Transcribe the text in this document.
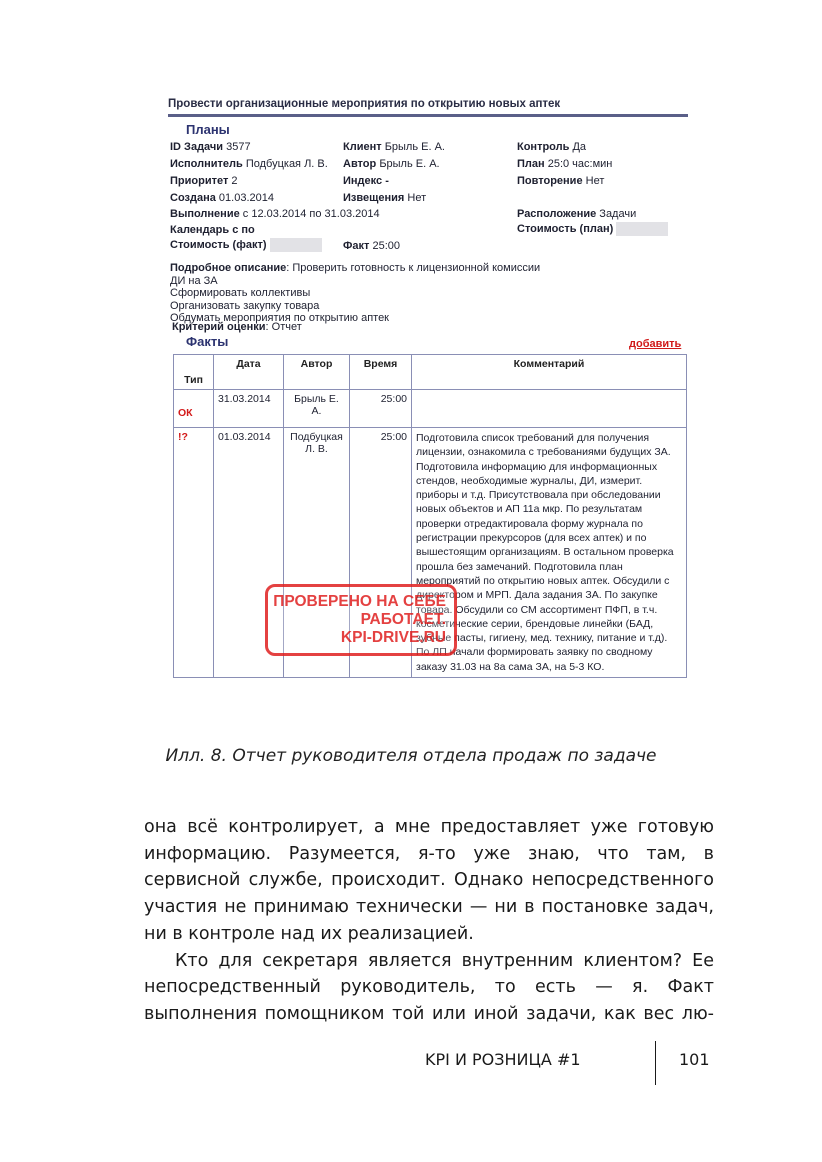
Провести организационные мероприятия по открытию новых аптек
Планы
ID Задачи 3577	Клиент Брыль Е. А.	Контроль Да
Исполнитель Подбуцкая Л. В. Автор Брыль Е. А.	План 25:0 час:мин
Приоритет 2	Индекс -	Повторение Нет
Создана 01.03.2014	Извещения Нет
Выполнение с 12.03.2014 по 31.03.2014	Расположение Задачи
Календарь с по	Стоимость (план)
Стоимость (факт)	Факт 25:00
Подробное описание: Проверить готовность к лицензионной комиссии
ДИ на ЗА
Сформировать коллективы
Организовать закупку товара
Обдумать мероприятия по открытию аптек
Критерий оценки: Отчет
Факты	добавить
Тип	Дата	Автор	Время	Комментарий

ОК	31.03.2014	Брыль Е. А.	25:00	
!?	01.03.2014	Подбуцкая Л. В.	25:00	Подготовила список требований для получения лицензии, ознакомила с требованиями будущих ЗА. Подготовила информацию для информационных стендов, необходимые журналы, ДИ, измерит. приборы и т.д. Присутствовала при обследовании новых объектов и АП 11а мкр. По результатам проверки отредактировала форму журнала по регистрации прекурсоров (для всех аптек) и по вышестоящим организациям. В остальном проверка прошла без замечаний. Подготовила план мероприятий по открытию новых аптек. Обсудили с директором и МРП. Дала задания ЗА. По закупке товара. Обсудили со СМ ассортимент ПФП, в т.ч. косметические серии, брендовые линейки (БАД, зубные пасты, гигиену, мед. технику, питание и т.д). По ЛП начали формировать заявку по сводному заказу 31.03 на 8а сама ЗА, на 5-3 КО.
ПРОВЕРЕНО НА СЕБЕ
РАБОТАЕТ.
KPI-DRIVE.RU
Илл. 8. Отчет руководителя отдела продаж по задаче

она всё контролирует, а мне предоставляет уже готовую информацию. Разумеется, я-то уже знаю, что там, в сервисной службе, происходит. Однако непосредственного участия не принимаю технически — ни в постановке задач, ни в контроле над их реализацией.

Кто для секретаря является внутренним клиентом? Ее непосредственный руководитель, то есть — я. Факт выполнения помощником той или иной задачи, как вес лю-

KPI И РОЗНИЦА #1	101
